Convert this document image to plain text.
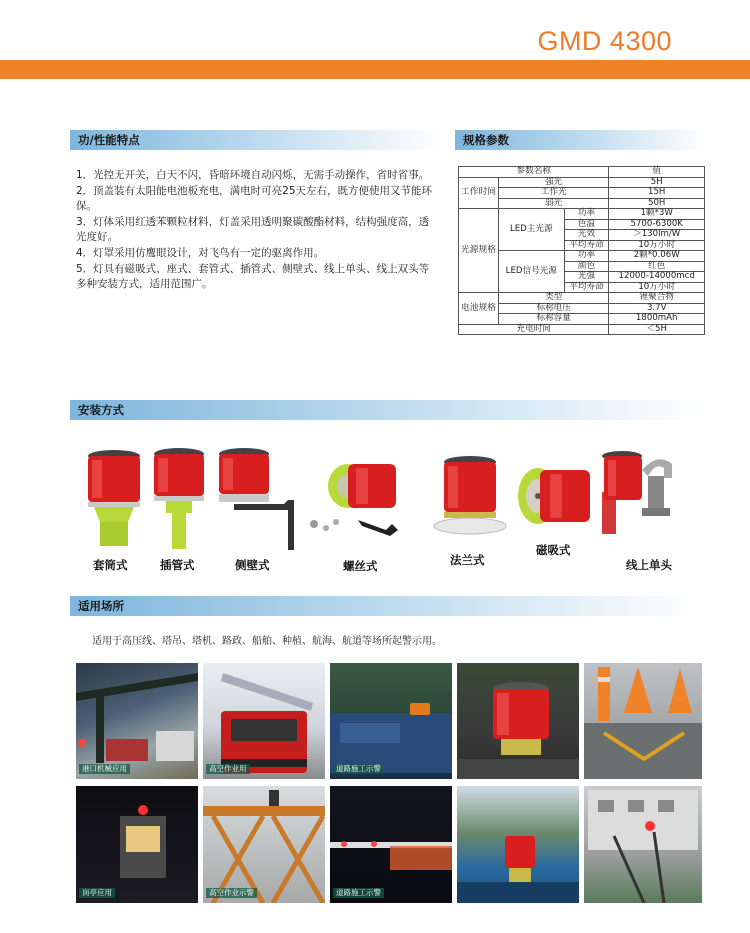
GMD 4300
功/性能特点

1．光控无开关，白天不闪，昏暗环境自动闪烁，无需手动操作，省时省事。

2．顶盖装有太阳能电池板充电，满电时可亮25天左右，既方便使用又节能环保。

3．灯体采用红透苯颗粒材料，灯盖采用透明聚碳酸酯材料，结构强度高，透光度好。

4．灯罩采用仿鹰眼设计，对飞鸟有一定的驱离作用。

5．灯具有磁吸式、座式、套管式、插管式、侧壁式、线上单头、线上双头等多种安装方式，适用范围广。

规格参数
参数名称			值
工作时间	强光		5H
	工作光		15H
	弱光		50H
光源规格	LED主光源	功率	1颗*3W
		色温	5700-6300K
		光效	＞130lm/W
		平均寿命	10万小时
	LED信号光源	功率	2颗*0.06W
		颜色	红色
		光强	12000-14000mcd
		平均寿命	10万小时
电池规格	类型		锂聚合物
	标称电压		3.7V
	标称容量		1800mAh
充电时间			＜5H
安装方式
套筒式	插管式	侧壁式	螺丝式	法兰式
磁吸式
线上单头
适用场所
适用于高压线、塔吊、塔机、路政、船舶、种植、航海、航道等场所起警示用。
港口机械应用	高空作业用	道路施工示警
岗亭应用	高空作业示警	道路施工示警
